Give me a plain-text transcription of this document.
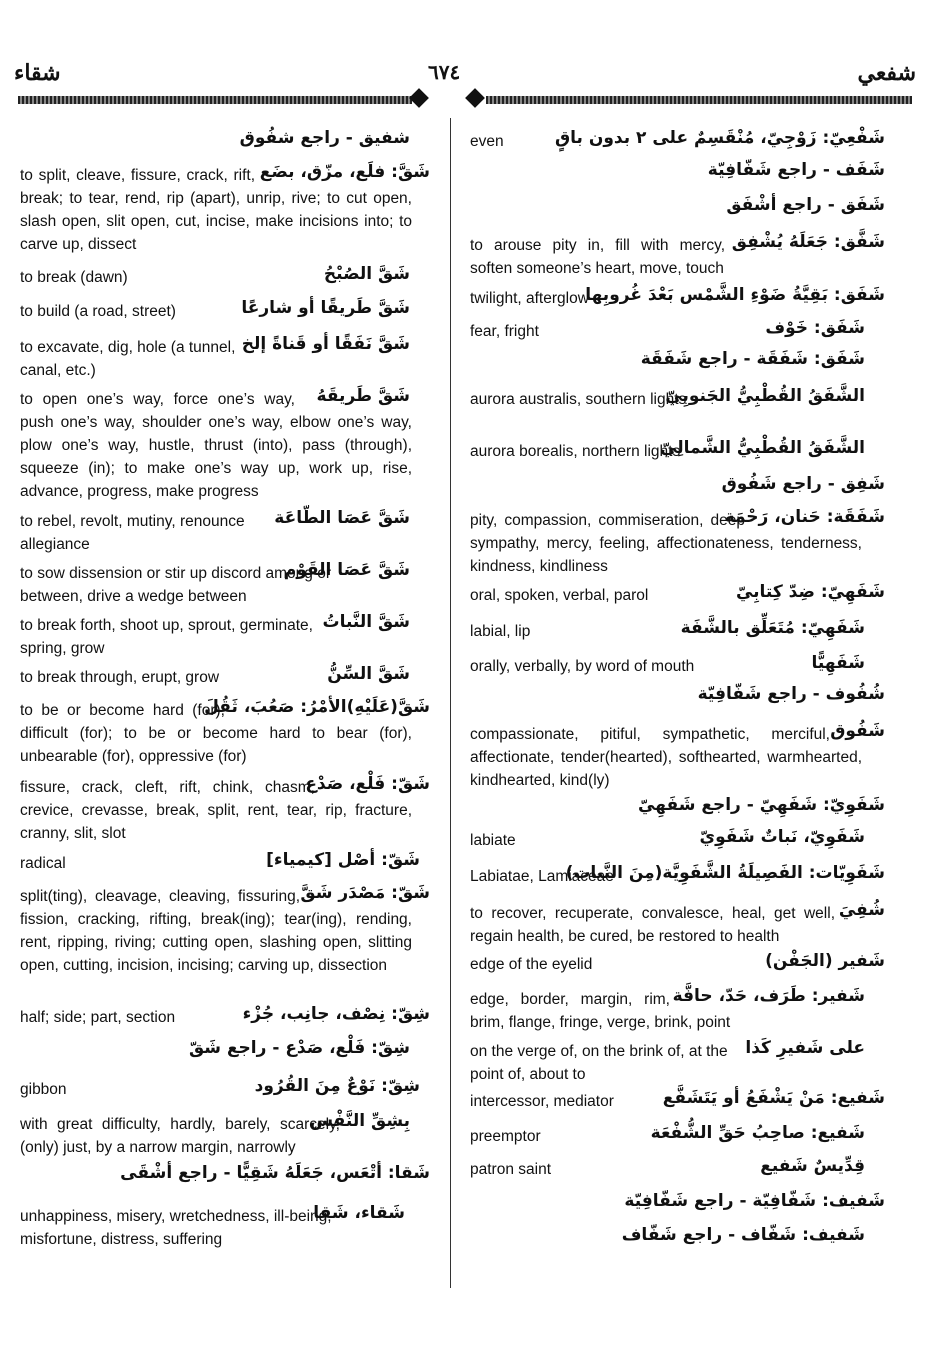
شقاء	٦٧٤	شفعي
شفيق - راجع شفُوق
شَقَّ: فلَع، مزّق، بضَع
to split, cleave, fissure, crack, rift, break; to tear, rend, rip (apart), unrip, rive; to cut open, slash open, slit open, cut, incise, make incisions into; to carve up, dissect
شَقَّ الصُبْحُ
to break (dawn)
شَقَّ طَريقًا أو شارعًا
to build (a road, street)
شَقَّ نَفَقًا أو قَناةً إلخ
to excavate, dig, hole (a tunnel, canal, etc.)
شَقَّ طَريقَهُ
to open one’s way, force one’s way, push one’s way, shoulder one’s way, elbow one’s way, plow one’s way, hustle, thrust (into), pass (through), squeeze (in); to make one’s way up, work up, rise, advance, progress, make progress
شَقَّ عَصَا الطّاعَة
to rebel, revolt, mutiny, renounce allegiance
شَقَّ عَصَا القَوْم
to sow dissension or stir up discord among or between, drive a wedge between
شَقَّ النَّباتُ
to break forth, shoot up, sprout, germinate, spring, grow
شَقَّ السِّنُّ
to break through, erupt, grow
شَقَّ(عَلَيْهِ)الأمْرُ: صَعُبَ، ثَقُلَ
to be or become hard (for), difficult (for); to be or become hard to bear (for), unbearable (for), oppressive (for)
شَقّ: فَلْع، صَدْع
fissure, crack, cleft, rift, chink, chasm, crevice, crevasse, break, split, rent, tear, rip, fracture, cranny, slit, slot
شَقّ: أصْل [كيمياء]
radical
شَقّ: مَصْدَر شَقَّ
split(ting), cleavage, cleaving, fissuring, fission, cracking, rifting, break(ing); tear(ing), rending, rent, ripping, riving; cutting open, slashing open, slitting open, cutting, incision, incising; carving up, dissection
شِقّ: نِصْف، جانِب، جُزْء
half; side; part, section
شِقّ: فَلْع، صَدْع - راجع شَقّ
شِقّ: نَوْعٌ مِنَ القُرُود
gibbon
بِشِقِّ النَّفْس
with great difficulty, hardly, barely, scarcely, (only) just, by a narrow margin, narrowly
شَقا: أتْعَس، جَعَلَهُ شَقِيًّا - راجع أشْقَى
شَقاء، شَقا
unhappiness, misery, wretchedness, ill-being, misfortune, distress, suffering
شَفْعِيّ: زَوْجِيّ، مُنْقَسِمٌ على ٢ بدون باقٍ
even
شَفَف - راجع شَفّافِيّة
شَفَق - راجع أشْفَق
شَفَّق: جَعَلَهُ يُشْفِق
to arouse pity in, fill with mercy, soften someone’s heart, move, touch
شَفَق: بَقِيَّةُ ضَوْءِ الشَّمْس بَعْدَ غُروبِها
twilight, afterglow
شَفَق: خَوْف
fear, fright
شَفَق: شَفَقَة - راجع شَفَقَة
الشَّفَقُ القُطْبِيُّ الجَنوبِيّ
aurora australis, southern lights
الشَّفَقُ القُطْبِيُّ الشَّمالِيّ
aurora borealis, northern lights
شَفِق - راجع شَفُوق
شَفَقَة: حَنان، رَحْمَة
pity, compassion, commiseration, deep sympathy, mercy, feeling, affectionateness, tenderness, kindness, kindliness
شَفَهِيّ: ضِدّ كِتابِيّ
oral, spoken, verbal, parol
شَفَهِيّ: مُتَعَلِّق بالشَّفَة
labial, lip
شَفَهِيًّا
orally, verbally, by word of mouth
شُفُوف - راجع شَفّافِيّة
شَفُوق
compassionate, pitiful, sympathetic, merciful, affectionate, tender(hearted), softhearted, warmhearted, kindhearted, kind(ly)
شَفَوِيّ: شَفَهِيّ - راجع شَفَهِيّ
شَفَوِيّ، نَباتٌ شَفَوِيّ
labiate
شَفَوِيّات: الفَصِيلَةُ الشَّفَوِيَّة(مِنَ النَّبات)
Labiatae, Lamiaceae
شُفِيَ
to recover, recuperate, convalesce, heal, get well, regain health, be cured, be restored to health
شَفير (الجَفْن)
edge of the eyelid
شَفير: طَرَف، حَدّ، حافَّة
edge, border, margin, rim, brim, flange, fringe, verge, brink, point
على شَفيرِ كَذا
on the verge of, on the brink of, at the point of, about to
شَفيع: مَنْ يَشْفَعُ أو يَتَشَفَّع
intercessor, mediator
شَفيع: صاحِبُ حَقِّ الشُّفْعَة
preemptor
قِدِّيسٌ شَفيع
patron saint
شَفيف: شَفّافِيّة - راجع شَفّافِيّة
شَفيف: شَفّاف - راجع شَفّاف
